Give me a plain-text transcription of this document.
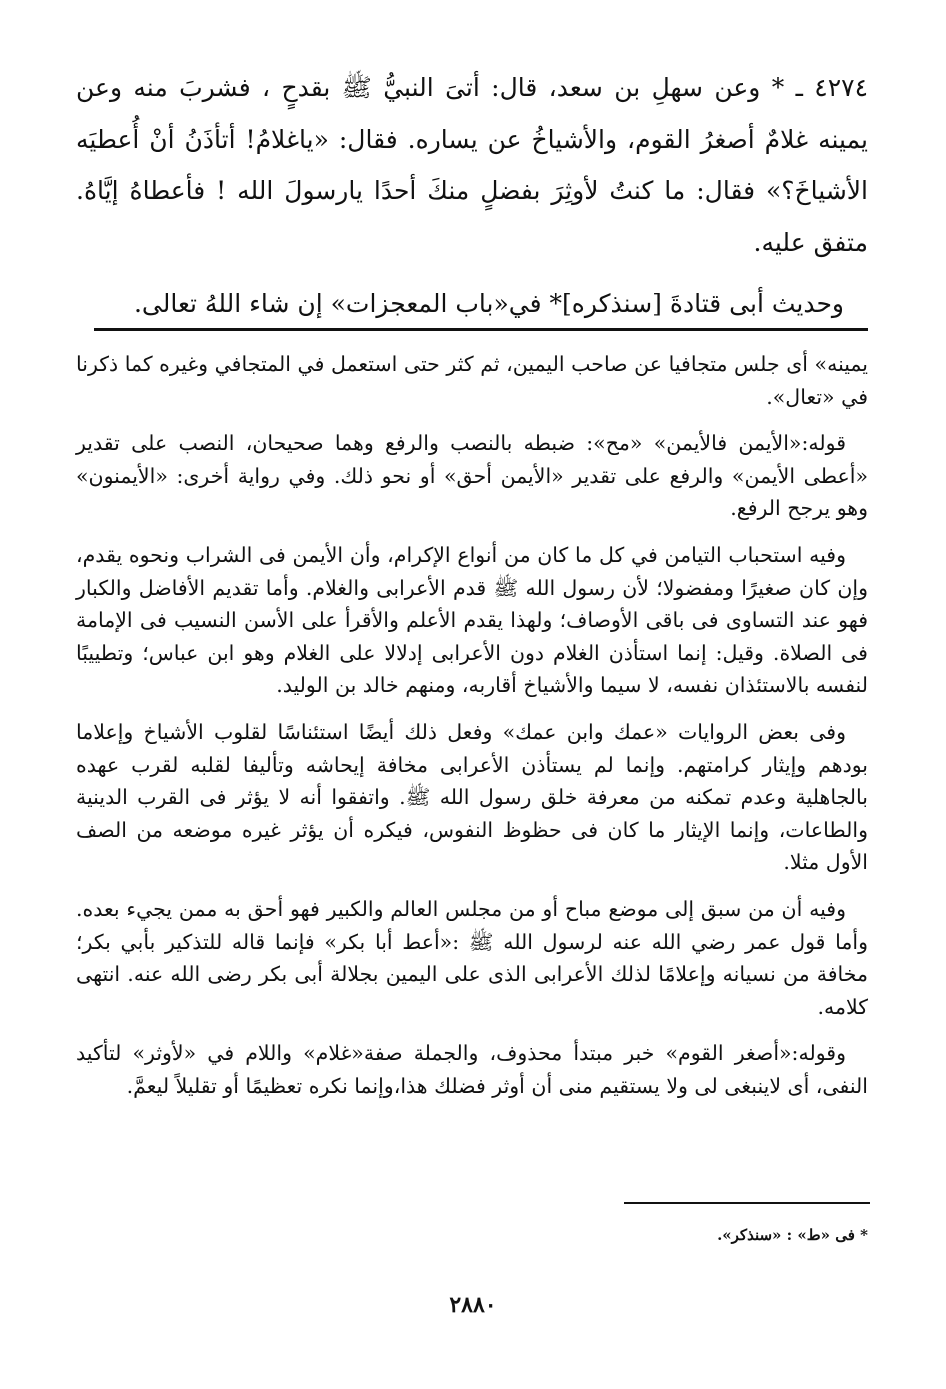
٤٢٧٤ ـ * وعن سهلِ بن سعد، قال: أتىَ النبيُّ ﷺ بقدحٍ ، فشربَ منه وعن يمينه غلامٌ أصغرُ القوم، والأشياخُ عن يساره. فقال: «ياغلامُ! أتأذَنُ أنْ أُعطيَه الأشياخَ؟» فقال: ما كنتُ لأوثِرَ بفضلٍ منكَ أحدًا يارسولَ الله ! فأعطاهُ إيَّاهُ. متفق عليه.

وحديث أبى قتادةَ [سنذكره]* في«باب المعجزات» إن شاء اللهُ تعالى.

يمينه» أى جلس متجافيا عن صاحب اليمين، ثم كثر حتى استعمل في المتجافي وغيره كما ذكرنا في «تعال».

قوله:«الأيمن فالأيمن» «مح»: ضبطه بالنصب والرفع وهما صحيحان، النصب على تقدير «أعطى الأيمن» والرفع على تقدير «الأيمن أحق» أو نحو ذلك. وفي رواية أخرى: «الأيمنون» وهو يرجح الرفع.

وفيه استحباب التيامن في كل ما كان من أنواع الإكرام، وأن الأيمن فى الشراب ونحوه يقدم، وإن كان صغيرًا ومفضولا؛ لأن رسول الله ﷺ قدم الأعرابى والغلام. وأما تقديم الأفاضل والكبار فهو عند التساوى فى باقى الأوصاف؛ ولهذا يقدم الأعلم والأقرأ على الأسن النسيب فى الإمامة فى الصلاة. وقيل: إنما استأذن الغلام دون الأعرابى إدلالا على الغلام وهو ابن عباس؛ وتطييبًا لنفسه بالاستئذان نفسه، لا سيما والأشياخ أقاربه، ومنهم خالد بن الوليد.

وفى بعض الروايات «عمك وابن عمك» وفعل ذلك أيضًا استئناسًا لقلوب الأشياخ وإعلاما بودهم وإيثار كرامتهم. وإنما لم يستأذن الأعرابى مخافة إيحاشه وتأليفا لقلبه لقرب عهده بالجاهلية وعدم تمكنه من معرفة خلق رسول الله ﷺ. واتفقوا أنه لا يؤثر فى القرب الدينية والطاعات، وإنما الإيثار ما كان فى حظوظ النفوس، فيكره أن يؤثر غيره موضعه من الصف الأول مثلا.

وفيه أن من سبق إلى موضع مباح أو من مجلس العالم والكبير فهو أحق به ممن يجيء بعده. وأما قول عمر رضي الله عنه لرسول الله ﷺ :«أعط أبا بكر» فإنما قاله للتذكير بأبي بكر؛ مخافة من نسيانه وإعلامًا لذلك الأعرابى الذى على اليمين بجلالة أبى بكر رضى الله عنه. انتهى كلامه.

وقوله:«أصغر القوم» خبر مبتدأ محذوف، والجملة صفة«غلام» واللام في «لأوثر» لتأكيد النفى، أى لاينبغى لى ولا يستقيم منى أن أوثر فضلك هذا،وإنما نكره تعظيمًا أو تقليلاً ليعمَّ.

* فى «ط» : «سنذكر».
٢٨٨٠
